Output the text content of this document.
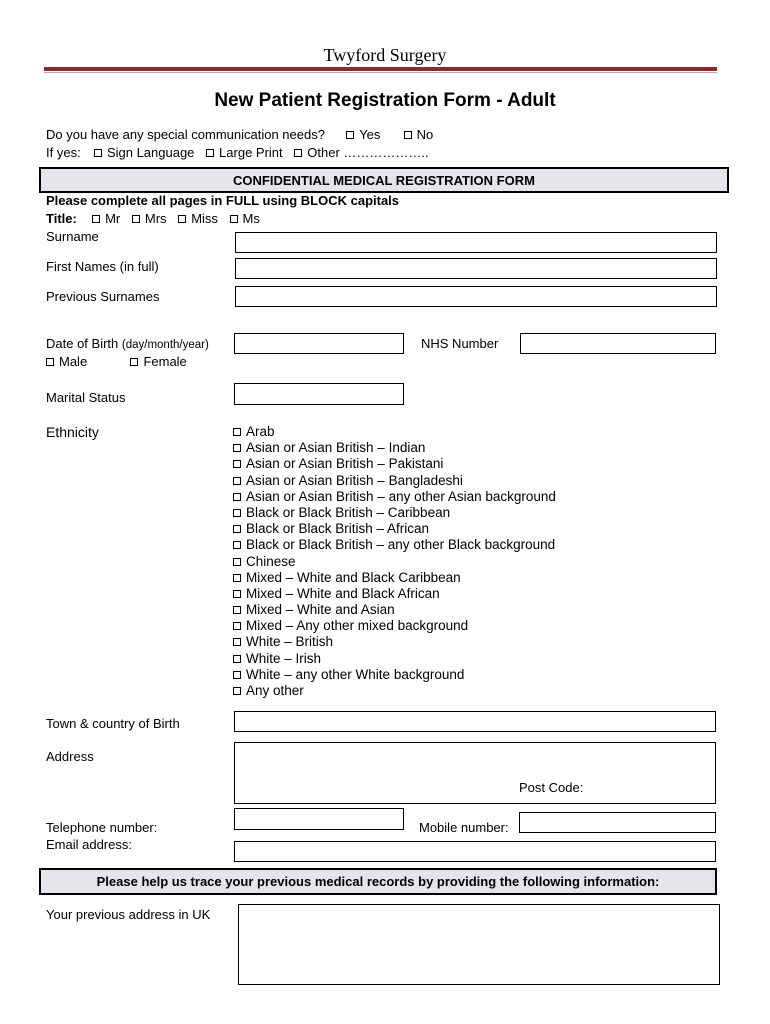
Twyford Surgery
New Patient Registration Form - Adult
Do you have any special communication needs?	Yes	No
If yes: Sign Language Large Print Other ………………..
CONFIDENTIAL MEDICAL REGISTRATION FORM
Please complete all pages in FULL using BLOCK capitals
Title: Mr Mrs Miss Ms
Surname
First Names (in full)
Previous Surnames
Date of Birth (day/month/year)	NHS Number
Male	Female
Marital Status
Ethnicity	Arab
Asian or Asian British – Indian
Asian or Asian British – Pakistani
Asian or Asian British – Bangladeshi
Asian or Asian British – any other Asian background
Black or Black British – Caribbean
Black or Black British – African
Black or Black British – any other Black background
Chinese
Mixed – White and Black Caribbean
Mixed – White and Black African
Mixed – White and Asian
Mixed – Any other mixed background
White – British
White – Irish
White – any other White background
Any other
Town & country of Birth
Address
Post Code:
Telephone number:	Mobile number:
Email address:
Please help us trace your previous medical records by providing the following information:
Your previous address in UK
